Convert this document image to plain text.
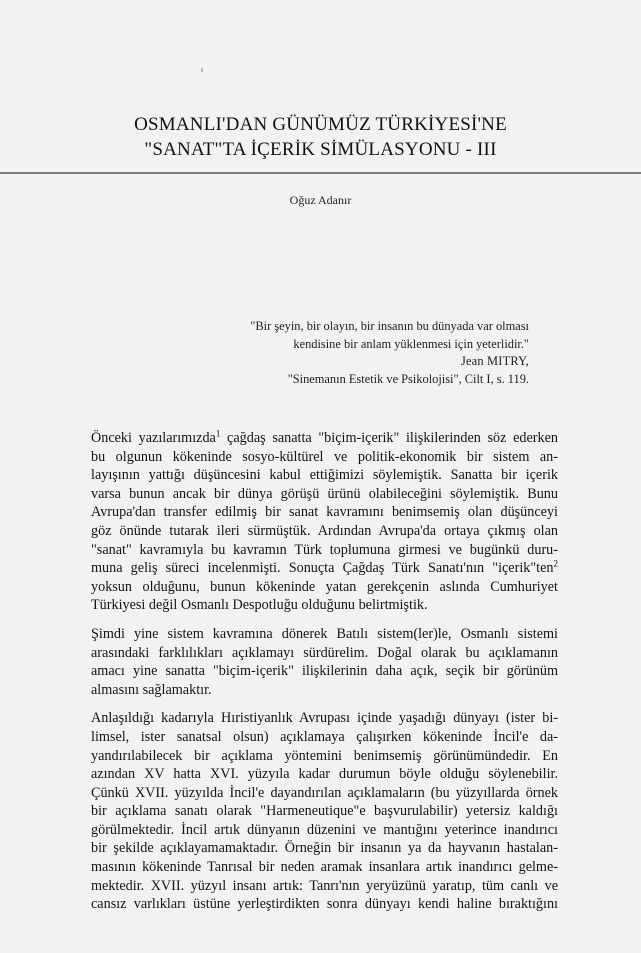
OSMANLI'DAN GÜNÜMÜZ TÜRKİYESİ'NE
"SANAT"TA İÇERİK SİMÜLASYONU - III
Oğuz Adanır
"Bir şeyin, bir olayın, bir insanın bu dünyada var olması
kendisine bir anlam yüklenmesi için yeterlidir."
Jean MITRY,
"Sinemanın Estetik ve Psikolojisi", Cilt I, s. 119.
Önceki yazılarımızda$^1$ çağdaş sanatta "biçim-içerik" ilişkilerinden söz ederken
bu olgunun kökeninde sosyo-kültürel ve politik-ekonomik bir sistem an-
layışının yattığı düşüncesini kabul ettiğimizi söylemiştik. Sanatta bir içerik
varsa bunun ancak bir dünya görüşü ürünü olabileceğini söylemiştik. Bunu
Avrupa'dan transfer edilmiş bir sanat kavramını benimsemiş olan düşünceyi
göz önünde tutarak ileri sürmüştük. Ardından Avrupa'da ortaya çıkmış olan
"sanat" kavramıyla bu kavramın Türk toplumuna girmesi ve bugünkü duru-
muna geliş süreci incelenmişti. Sonuçta Çağdaş Türk Sanatı'nın "içerik"ten$^2$
yoksun olduğunu, bunun kökeninde yatan gerekçenin aslında Cumhuriyet
Türkiyesi değil Osmanlı Despotluğu olduğunu belirtmiştik.
Şimdi yine sistem kavramına dönerek Batılı sistem(ler)le, Osmanlı sistemi
arasındaki farklılıkları açıklamayı sürdürelim. Doğal olarak bu açıklamanın
amacı yine sanatta "biçim-içerik" ilişkilerinin daha açık, seçik bir görünüm
almasını sağlamaktır.
Anlaşıldığı kadarıyla Hıristiyanlık Avrupası içinde yaşadığı dünyayı (ister bi-
limsel, ister sanatsal olsun) açıklamaya çalışırken kökeninde İncil'e da-
yandırılabilecek bir açıklama yöntemini benimsemiş görünümündedir. En
azından XV hatta XVI. yüzyıla kadar durumun böyle olduğu söylenebilir.
Çünkü XVII. yüzyılda İncil'e dayandırılan açıklamaların (bu yüzyıllarda örnek
bir açıklama sanatı olarak "Harmeneutique"e başvurulabilir) yetersiz kaldığı
görülmektedir. İncil artık dünyanın düzenini ve mantığını yeterince inandırıcı
bir şekilde açıklayamamaktadır. Örneğin bir insanın ya da hayvanın hastalan-
masının kökeninde Tanrısal bir neden aramak insanlara artık inandırıcı gelme-
mektedir. XVII. yüzyıl insanı artık: Tanrı'nın yeryüzünü yaratıp, tüm canlı ve
cansız varlıkları üstüne yerleştirdikten sonra dünyayı kendi haline bıraktığını
